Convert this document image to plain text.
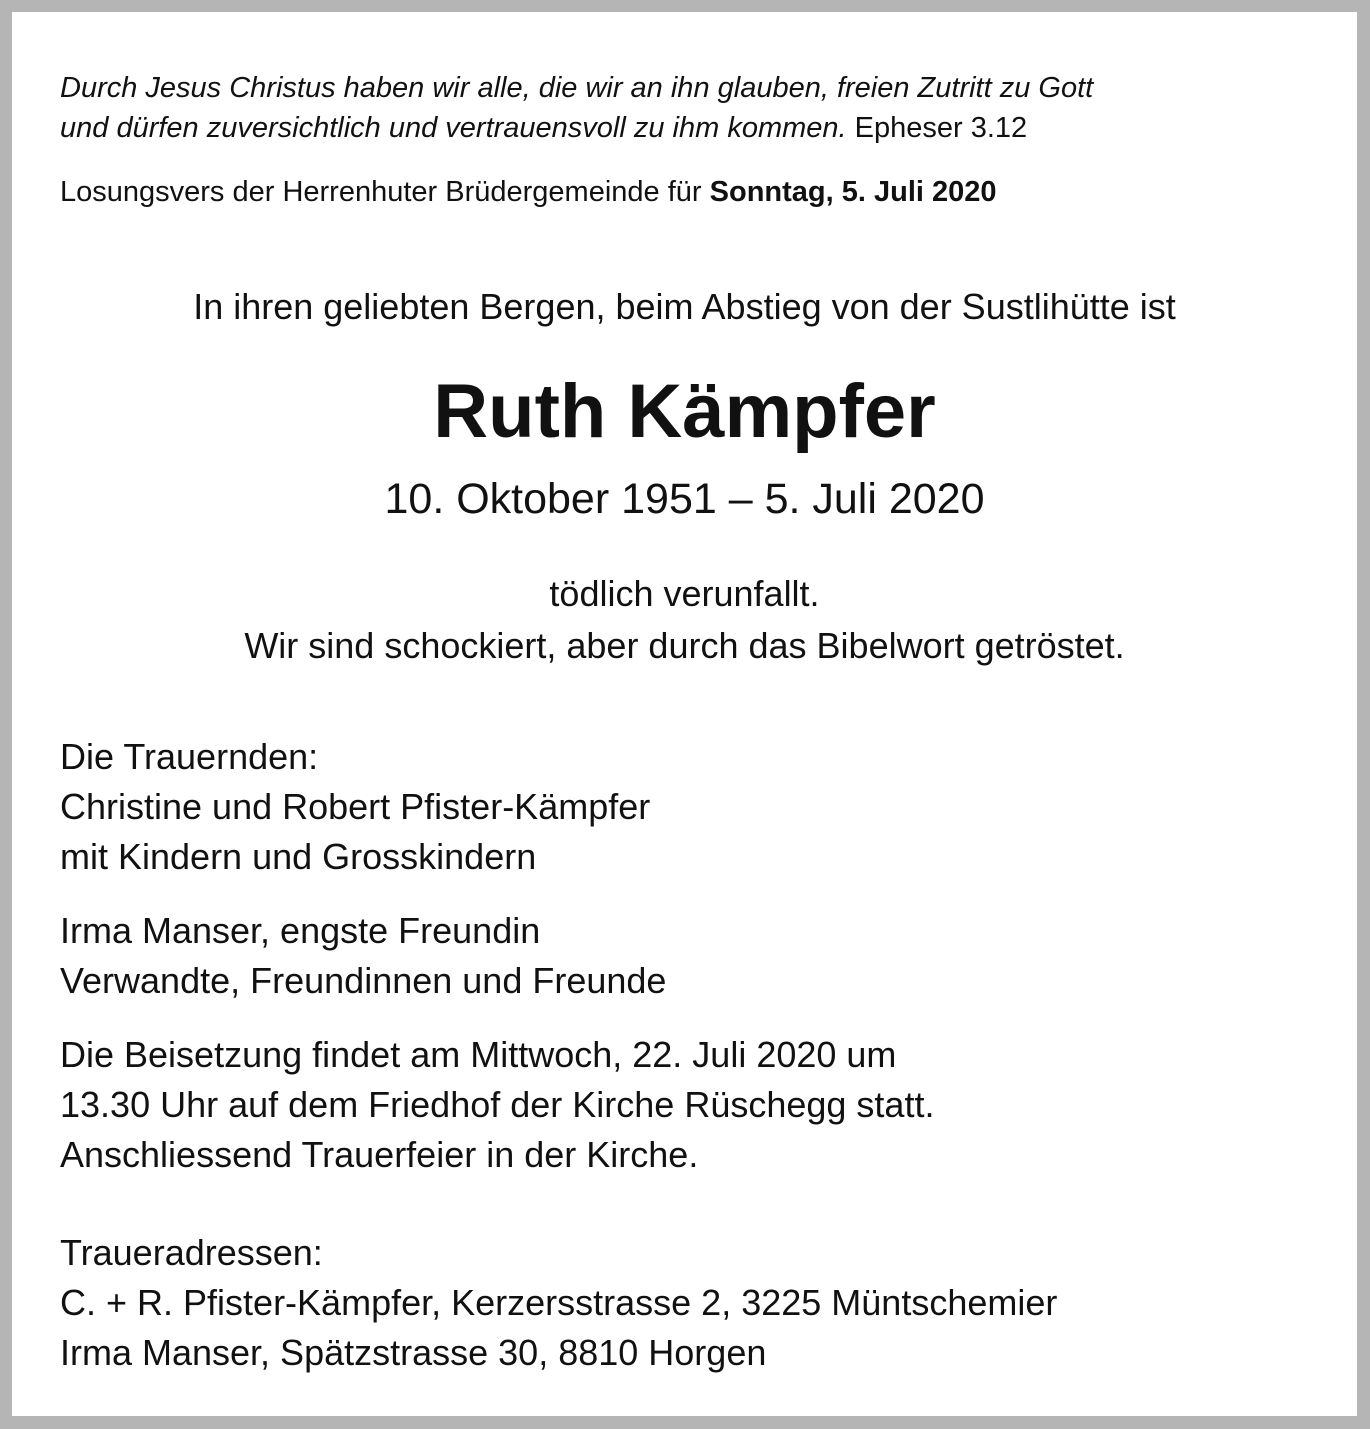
Durch Jesus Christus haben wir alle, die wir an ihn glauben, freien Zutritt zu Gott
und dürfen zuversichtlich und vertrauensvoll zu ihm kommen. Epheser 3.12

Losungsvers der Herrenhuter Brüdergemeinde für Sonntag, 5. Juli 2020

In ihren geliebten Bergen, beim Abstieg von der Sustlihütte ist

Ruth Kämpfer

10. Oktober 1951 – 5. Juli 2020

tödlich verunfallt.
Wir sind schockiert, aber durch das Bibelwort getröstet.

Die Trauernden:
Christine und Robert Pfister-Kämpfer
mit Kindern und Grosskindern

Irma Manser, engste Freundin
Verwandte, Freundinnen und Freunde

Die Beisetzung findet am Mittwoch, 22. Juli 2020 um
13.30 Uhr auf dem Friedhof der Kirche Rüschegg statt.
Anschliessend Trauerfeier in der Kirche.

Traueradressen:
C. + R. Pfister-Kämpfer, Kerzersstrasse 2, 3225 Müntschemier
Irma Manser, Spätzstrasse 30, 8810 Horgen
